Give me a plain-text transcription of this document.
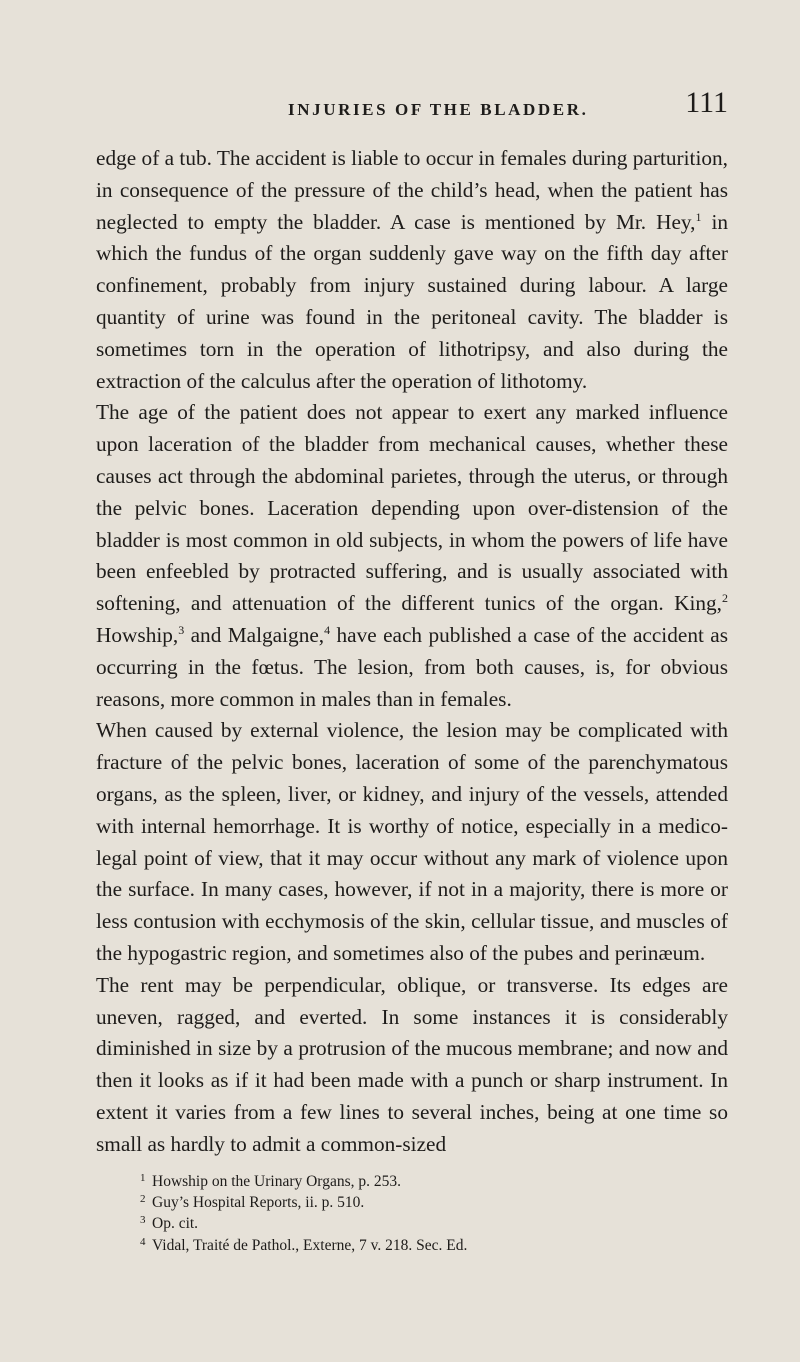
INJURIES OF THE BLADDER.	111

edge of a tub. The accident is liable to occur in females during parturition, in consequence of the pressure of the child’s head, when the patient has neglected to empty the bladder. A case is mentioned by Mr. Hey,$^1$ in which the fundus of the organ suddenly gave way on the fifth day after confinement, probably from injury sustained during labour. A large quantity of urine was found in the peritoneal cavity. The bladder is sometimes torn in the operation of lithotripsy, and also during the extraction of the calculus after the operation of lithotomy.

The age of the patient does not appear to exert any marked influence upon laceration of the bladder from mechanical causes, whether these causes act through the abdominal parietes, through the uterus, or through the pelvic bones. Laceration depending upon over-distension of the bladder is most common in old subjects, in whom the powers of life have been enfeebled by protracted suffering, and is usually associated with softening, and attenuation of the different tunics of the organ. King,$^2$ Howship,$^3$ and Malgaigne,$^4$ have each published a case of the accident as occurring in the fœtus. The lesion, from both causes, is, for obvious reasons, more common in males than in females.

When caused by external violence, the lesion may be complicated with fracture of the pelvic bones, laceration of some of the parenchymatous organs, as the spleen, liver, or kidney, and injury of the vessels, attended with internal hemorrhage. It is worthy of notice, especially in a medico-legal point of view, that it may occur without any mark of violence upon the surface. In many cases, however, if not in a majority, there is more or less contusion with ecchymosis of the skin, cellular tissue, and muscles of the hypogastric region, and sometimes also of the pubes and perinæum.

The rent may be perpendicular, oblique, or transverse. Its edges are uneven, ragged, and everted. In some instances it is considerably diminished in size by a protrusion of the mucous membrane; and now and then it looks as if it had been made with a punch or sharp instrument. In extent it varies from a few lines to several inches, being at one time so small as hardly to admit a common-sized

1 Howship on the Urinary Organs, p. 253.

2 Guy’s Hospital Reports, ii. p. 510.

3 Op. cit.

4 Vidal, Traité de Pathol., Externe, 7 v. 218. Sec. Ed.
